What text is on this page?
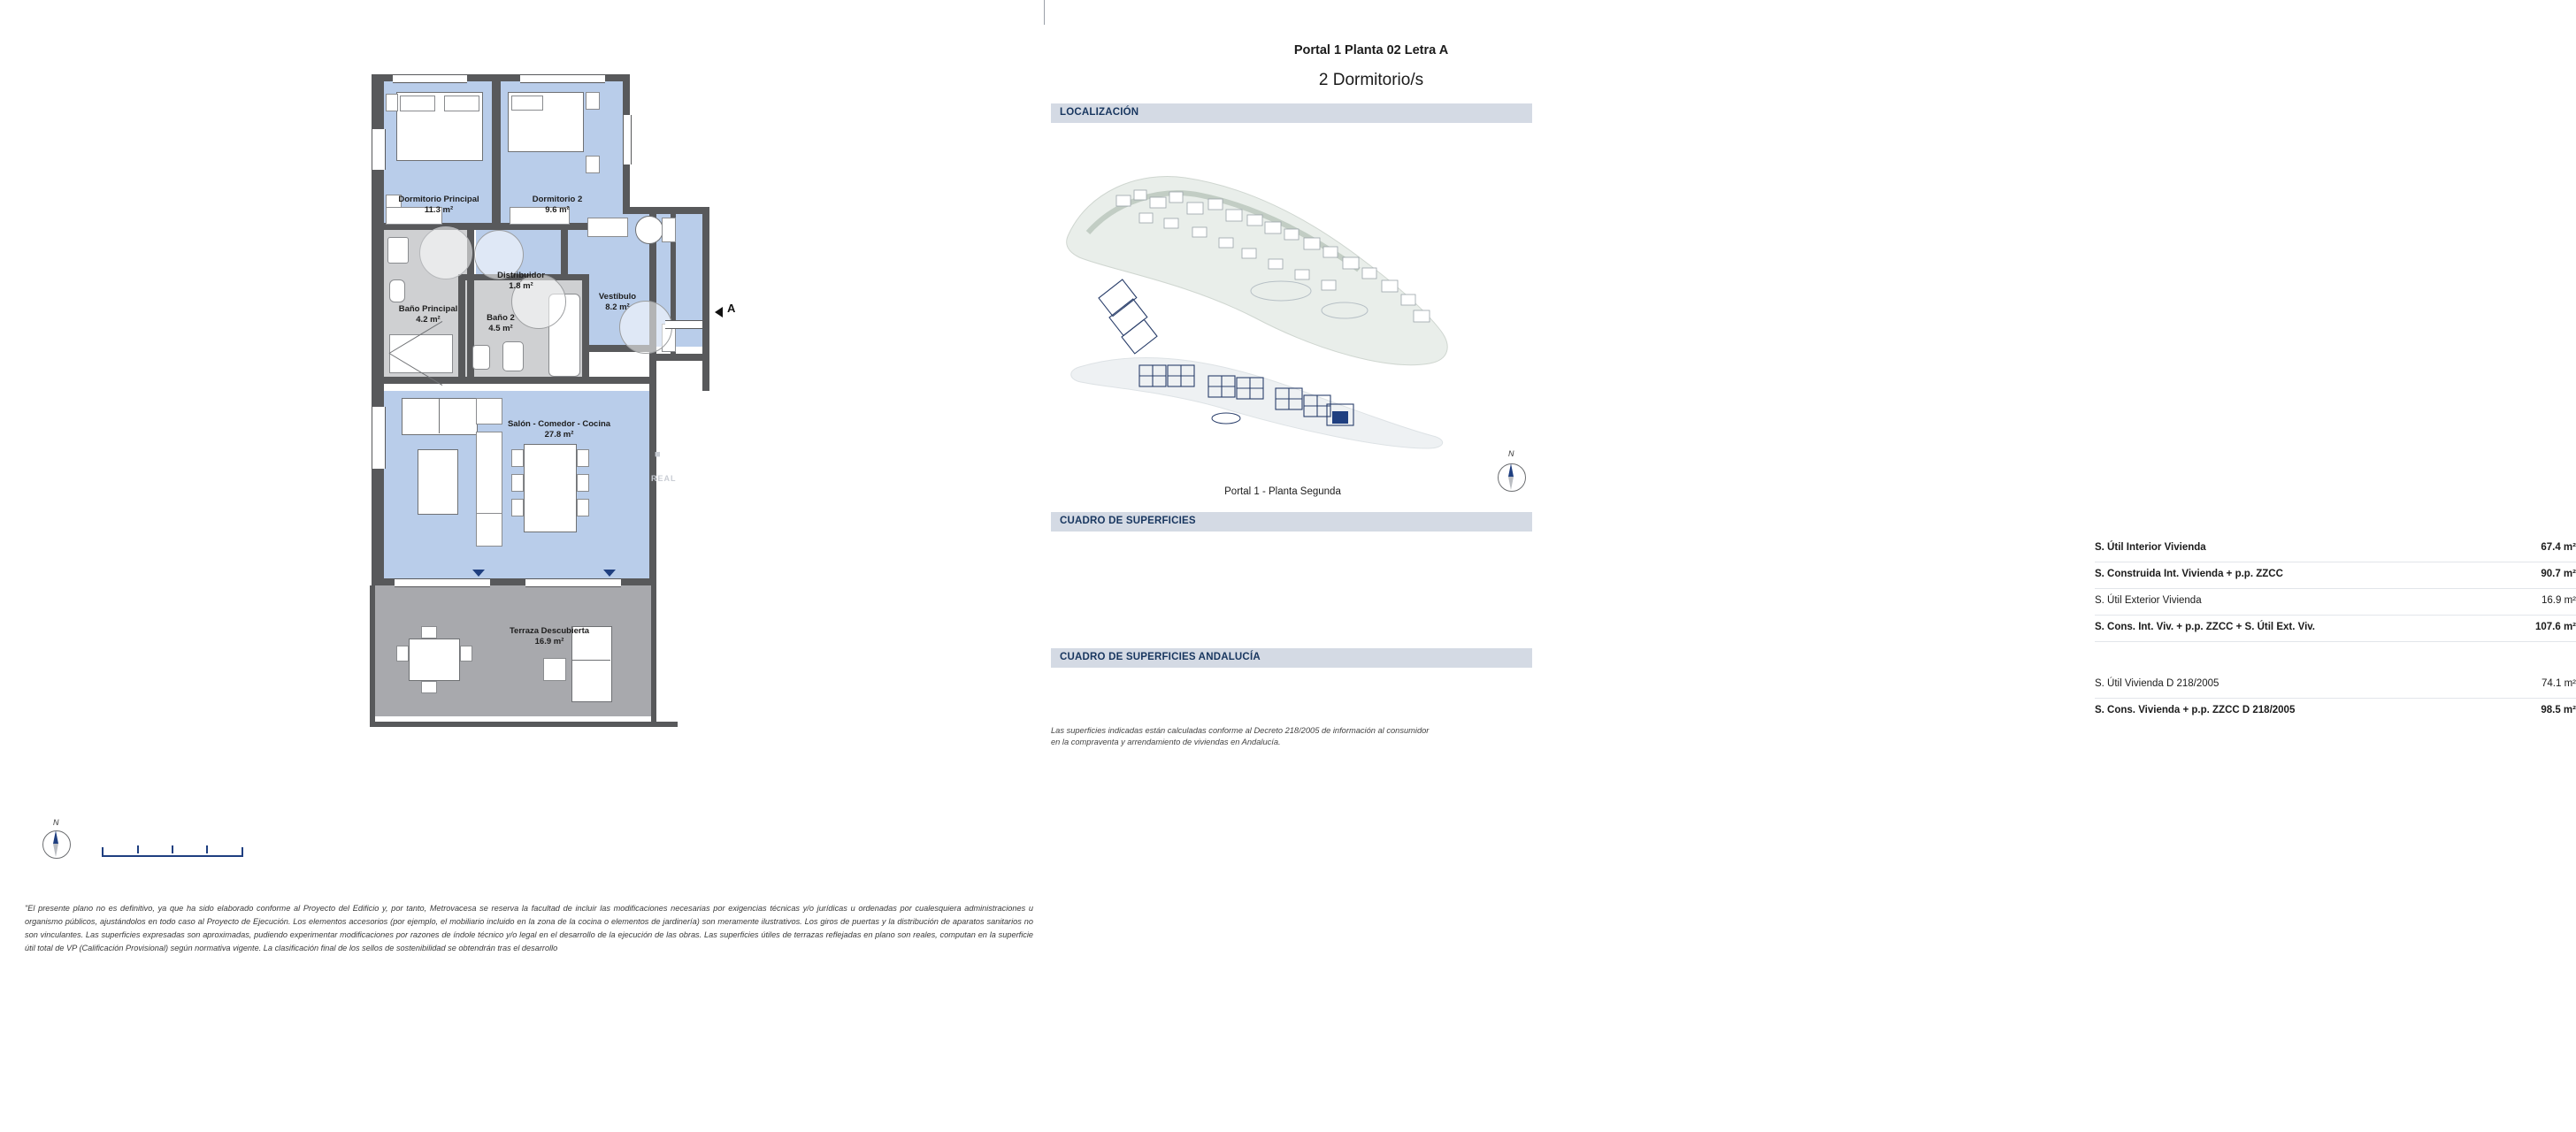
A
Dormitorio Principal
11.3 m²
Dormitorio 2
9.6 m²
Distribuidor
1.8 m²
Vestíbulo
8.2 m²
Baño Principal
4.2 m²	Baño 2
4.5 m²
Salón - Comedor - Cocina
27.8 m²
Terraza Descubierta
16.9 m²
■
REAL
N
Portal 1 Planta 02 Letra A
2 Dormitorio/s
LOCALIZACIÓN
N
Portal 1 - Planta Segunda
CUADRO DE SUPERFICIES
S. Útil Interior Vivienda	67.4 m²
S. Construida Int. Vivienda + p.p. ZZCC	90.7 m²
S. Útil Exterior Vivienda	16.9 m²
S. Cons. Int. Viv. + p.p. ZZCC + S. Útil Ext. Viv.	107.6 m²
CUADRO DE SUPERFICIES ANDALUCÍA
S. Útil Vivienda D 218/2005	74.1 m²
S. Cons. Vivienda + p.p. ZZCC D 218/2005	98.5 m²
Las superficies indicadas están calculadas conforme al Decreto 218/2005 de información al consumidor en la compraventa y arrendamiento de viviendas en Andalucía.
"El presente plano no es definitivo, ya que ha sido elaborado conforme al Proyecto del Edificio y, por tanto, Metrovacesa se reserva la facultad de incluir las modificaciones necesarias por exigencias técnicas y/o jurídicas u ordenadas por cualesquiera administraciones u organismo públicos, ajustándolos en todo caso al Proyecto de Ejecución. Los elementos accesorios (por ejemplo, el mobiliario incluido en la zona de la cocina o elementos de jardinería) son meramente ilustrativos. Los giros de puertas y la distribución de aparatos sanitarios no son vinculantes. Las superficies expresadas son aproximadas, pudiendo experimentar modificaciones por razones de índole técnico y/o legal en el desarrollo de la ejecución de las obras. Las superficies útiles de terrazas reflejadas en plano son reales, computan en la superficie útil total de VP (Calificación Provisional) según normativa vigente. La clasificación final de los sellos de sostenibilidad se obtendrán tras el desarrollo
